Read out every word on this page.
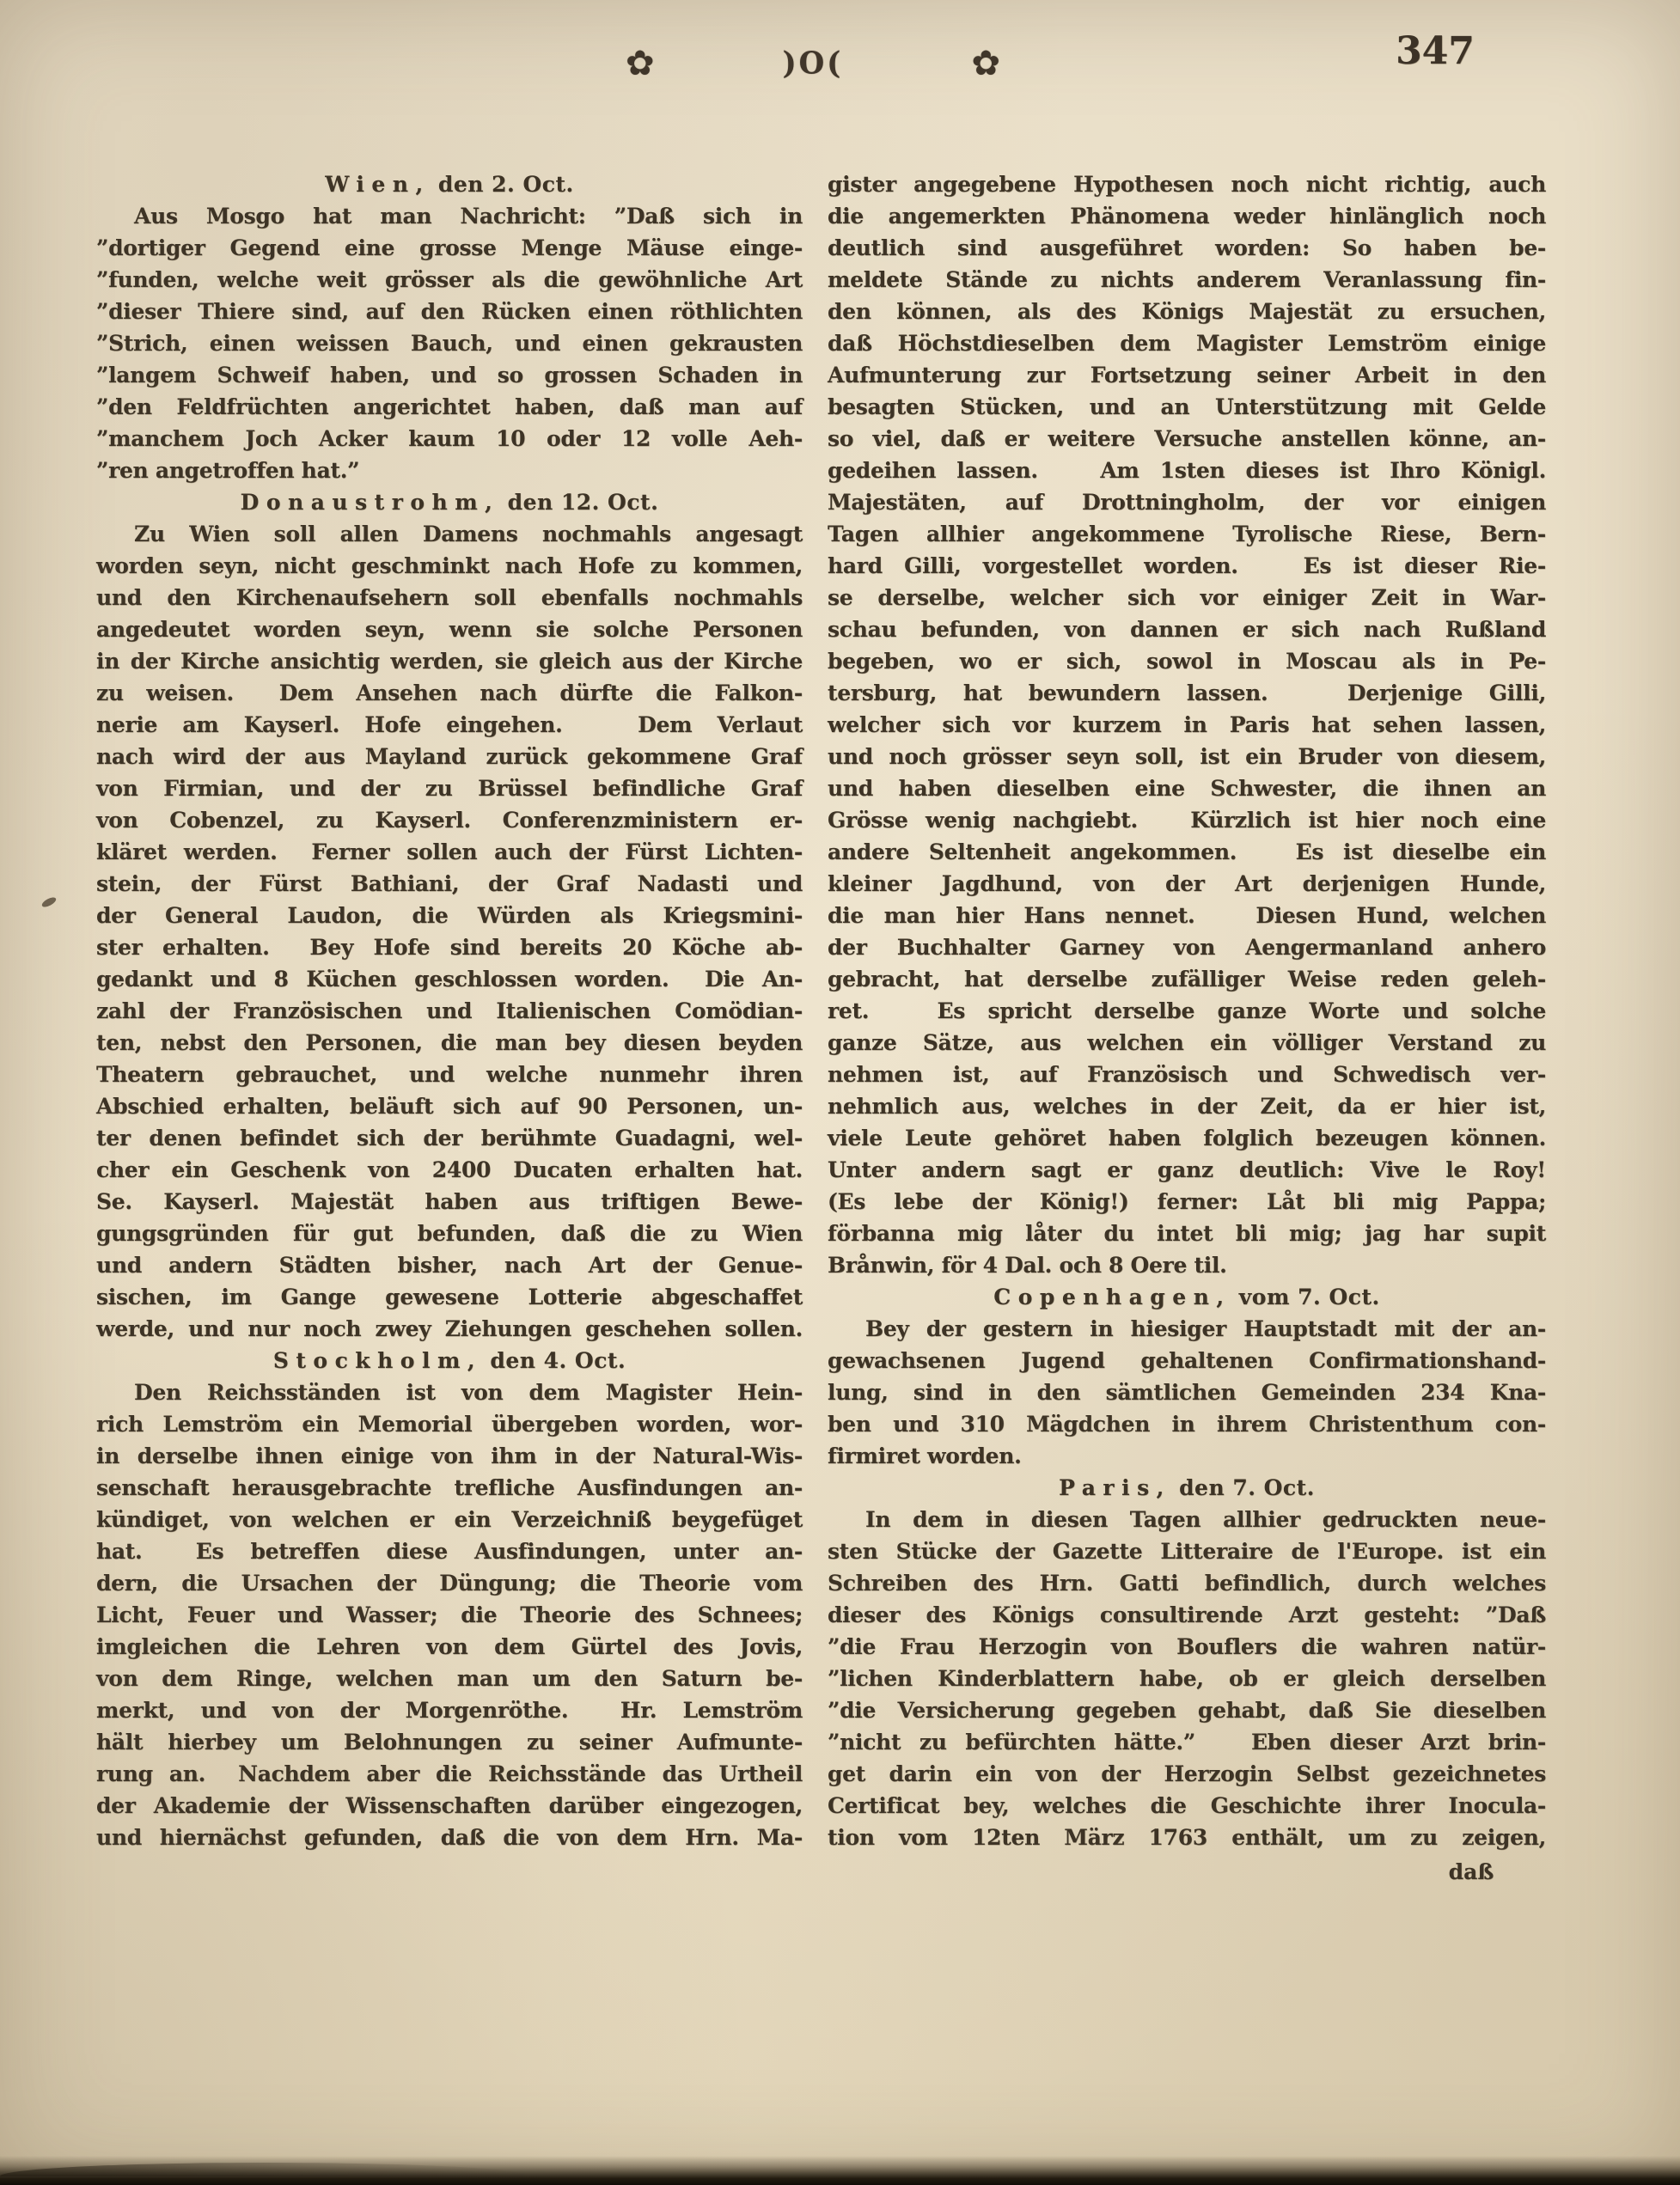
✿	)O(	✿	347
Wien, den 2. Oct.
Aus Mosgo hat man Nachricht: ”Daß sich in
”dortiger Gegend eine grosse Menge Mäuse einge-
”funden, welche weit grösser als die gewöhnliche Art
”dieser Thiere sind, auf den Rücken einen röthlichten
”Strich, einen weissen Bauch, und einen gekrausten
”langem Schweif haben, und so grossen Schaden in
”den Feldfrüchten angerichtet haben, daß man auf
”manchem Joch Acker kaum 10 oder 12 volle Aeh-
”ren angetroffen hat.”
Donaustrohm, den 12. Oct.
Zu Wien soll allen Damens nochmahls angesagt
worden seyn, nicht geschminkt nach Hofe zu kommen,
und den Kirchenaufsehern soll ebenfalls nochmahls
angedeutet worden seyn, wenn sie solche Personen
in der Kirche ansichtig werden, sie gleich aus der Kirche
zu weisen.  Dem Ansehen nach dürfte die Falkon-
nerie am Kayserl. Hofe eingehen.   Dem Verlaut
nach wird der aus Mayland zurück gekommene Graf
von Firmian, und der zu Brüssel befindliche Graf
von Cobenzel, zu Kayserl. Conferenzministern er-
kläret werden.  Ferner sollen auch der Fürst Lichten-
stein, der Fürst Bathiani, der Graf Nadasti und
der General Laudon, die Würden als Kriegsmini-
ster erhalten.  Bey Hofe sind bereits 20 Köche ab-
gedankt und 8 Küchen geschlossen worden.  Die An-
zahl der Französischen und Italienischen Comödian-
ten, nebst den Personen, die man bey diesen beyden
Theatern gebrauchet, und welche nunmehr ihren
Abschied erhalten, beläuft sich auf 90 Personen, un-
ter denen befindet sich der berühmte Guadagni, wel-
cher ein Geschenk von 2400 Ducaten erhalten hat.
Se. Kayserl. Majestät haben aus triftigen Bewe-
gungsgründen für gut befunden, daß die zu Wien
und andern Städten bisher, nach Art der Genue-
sischen, im Gange gewesene Lotterie abgeschaffet
werde, und nur noch zwey Ziehungen geschehen sollen.
Stockholm, den 4. Oct.
Den Reichsständen ist von dem Magister Hein-
rich Lemström ein Memorial übergeben worden, wor-
in derselbe ihnen einige von ihm in der Natural-Wis-
senschaft herausgebrachte trefliche Ausfindungen an-
kündiget, von welchen er ein Verzeichniß beygefüget
hat.  Es betreffen diese Ausfindungen, unter an-
dern, die Ursachen der Düngung; die Theorie vom
Licht, Feuer und Wasser; die Theorie des Schnees;
imgleichen die Lehren von dem Gürtel des Jovis,
von dem Ringe, welchen man um den Saturn be-
merkt, und von der Morgenröthe.  Hr. Lemström
hält hierbey um Belohnungen zu seiner Aufmunte-
rung an.  Nachdem aber die Reichsstände das Urtheil
der Akademie der Wissenschaften darüber eingezogen,
und hiernächst gefunden, daß die von dem Hrn. Ma-
gister angegebene Hypothesen noch nicht richtig, auch
die angemerkten Phänomena weder hinlänglich noch
deutlich sind ausgeführet worden: So haben be-
meldete Stände zu nichts anderem Veranlassung fin-
den können, als des Königs Majestät zu ersuchen,
daß Höchstdieselben dem Magister Lemström einige
Aufmunterung zur Fortsetzung seiner Arbeit in den
besagten Stücken, und an Unterstützung mit Gelde
so viel, daß er weitere Versuche anstellen könne, an-
gedeihen lassen.   Am 1sten dieses ist Ihro Königl.
Majestäten, auf Drottningholm, der vor einigen
Tagen allhier angekommene Tyrolische Riese, Bern-
hard Gilli, vorgestellet worden.   Es ist dieser Rie-
se derselbe, welcher sich vor einiger Zeit in War-
schau befunden, von dannen er sich nach Rußland
begeben, wo er sich, sowol in Moscau als in Pe-
tersburg, hat bewundern lassen.   Derjenige Gilli,
welcher sich vor kurzem in Paris hat sehen lassen,
und noch grösser seyn soll, ist ein Bruder von diesem,
und haben dieselben eine Schwester, die ihnen an
Grösse wenig nachgiebt.   Kürzlich ist hier noch eine
andere Seltenheit angekommen.   Es ist dieselbe ein
kleiner Jagdhund, von der Art derjenigen Hunde,
die man hier Hans nennet.   Diesen Hund, welchen
der Buchhalter Garney von Aengermanland anhero
gebracht, hat derselbe zufälliger Weise reden geleh-
ret.   Es spricht derselbe ganze Worte und solche
ganze Sätze, aus welchen ein völliger Verstand zu
nehmen ist, auf Französisch und Schwedisch ver-
nehmlich aus, welches in der Zeit, da er hier ist,
viele Leute gehöret haben folglich bezeugen können.
Unter andern sagt er ganz deutlich: Vive le Roy!
(Es lebe der König!) ferner: Låt bli mig Pappa;
förbanna mig låter du intet bli mig; jag har supit
Brånwin, för 4 Dal. och 8 Oere til.
Copenhagen, vom 7. Oct.
Bey der gestern in hiesiger Hauptstadt mit der an-
gewachsenen Jugend gehaltenen Confirmationshand-
lung, sind in den sämtlichen Gemeinden 234 Kna-
ben und 310 Mägdchen in ihrem Christenthum con-
firmiret worden.
Paris, den 7. Oct.
In dem in diesen Tagen allhier gedruckten neue-
sten Stücke der Gazette Litteraire de l'Europe. ist ein
Schreiben des Hrn. Gatti befindlich, durch welches
dieser des Königs consultirende Arzt gesteht: ”Daß
”die Frau Herzogin von Bouflers die wahren natür-
”lichen Kinderblattern habe, ob er gleich derselben
”die Versicherung gegeben gehabt, daß Sie dieselben
”nicht zu befürchten hätte.”   Eben dieser Arzt brin-
get darin ein von der Herzogin Selbst gezeichnetes
Certificat bey, welches die Geschichte ihrer Inocula-
tion vom 12ten März 1763 enthält, um zu zeigen,
daß
